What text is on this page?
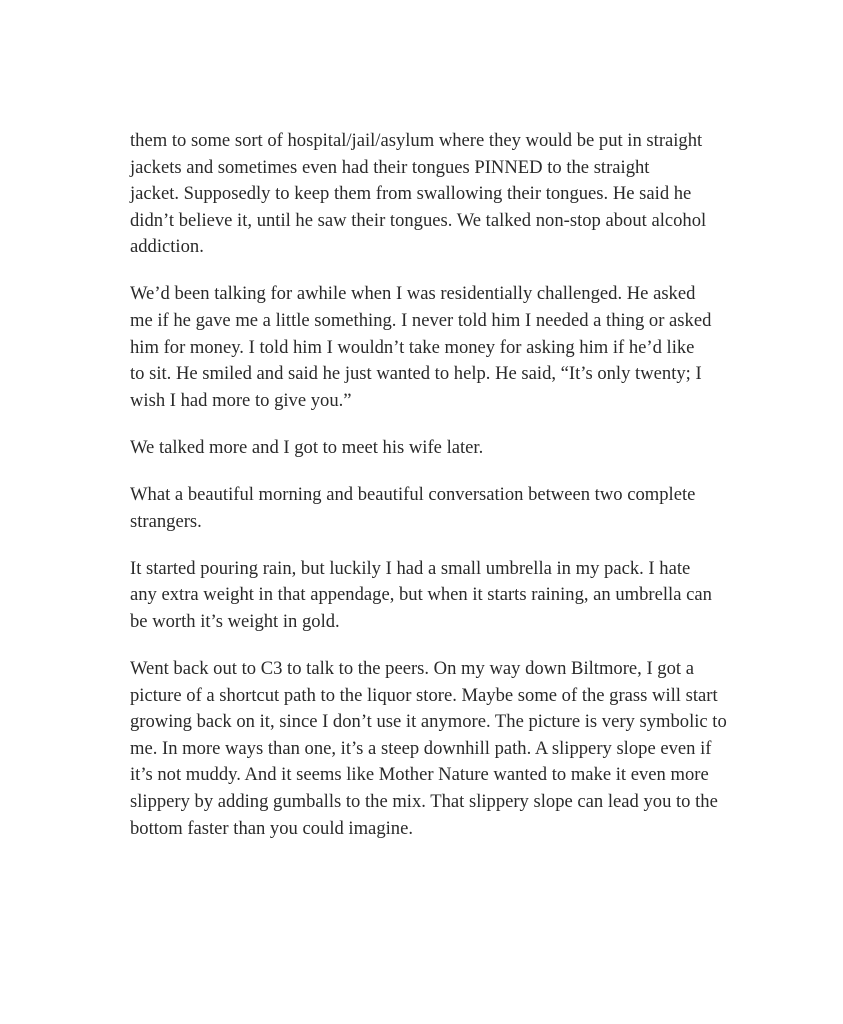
them to some sort of hospital/jail/asylum where they would be put in straight
jackets and sometimes even had their tongues PINNED to the straight
jacket. Supposedly to keep them from swallowing their tongues. He said he
didn’t believe it, until he saw their tongues. We talked non-stop about alcohol
addiction.

We’d been talking for awhile when I was residentially challenged. He asked
me if he gave me a little something. I never told him I needed a thing or asked
him for money. I told him I wouldn’t take money for asking him if he’d like
to sit. He smiled and said he just wanted to help. He said, “It’s only twenty; I
wish I had more to give you.”

We talked more and I got to meet his wife later.

What a beautiful morning and beautiful conversation between two complete
strangers.

It started pouring rain, but luckily I had a small umbrella in my pack. I hate
any extra weight in that appendage, but when it starts raining, an umbrella can
be worth it’s weight in gold.

Went back out to C3 to talk to the peers. On my way down Biltmore, I got a
picture of a shortcut path to the liquor store. Maybe some of the grass will start
growing back on it, since I don’t use it anymore. The picture is very symbolic to
me. In more ways than one, it’s a steep downhill path. A slippery slope even if
it’s not muddy. And it seems like Mother Nature wanted to make it even more
slippery by adding gumballs to the mix. That slippery slope can lead you to the
bottom faster than you could imagine.
